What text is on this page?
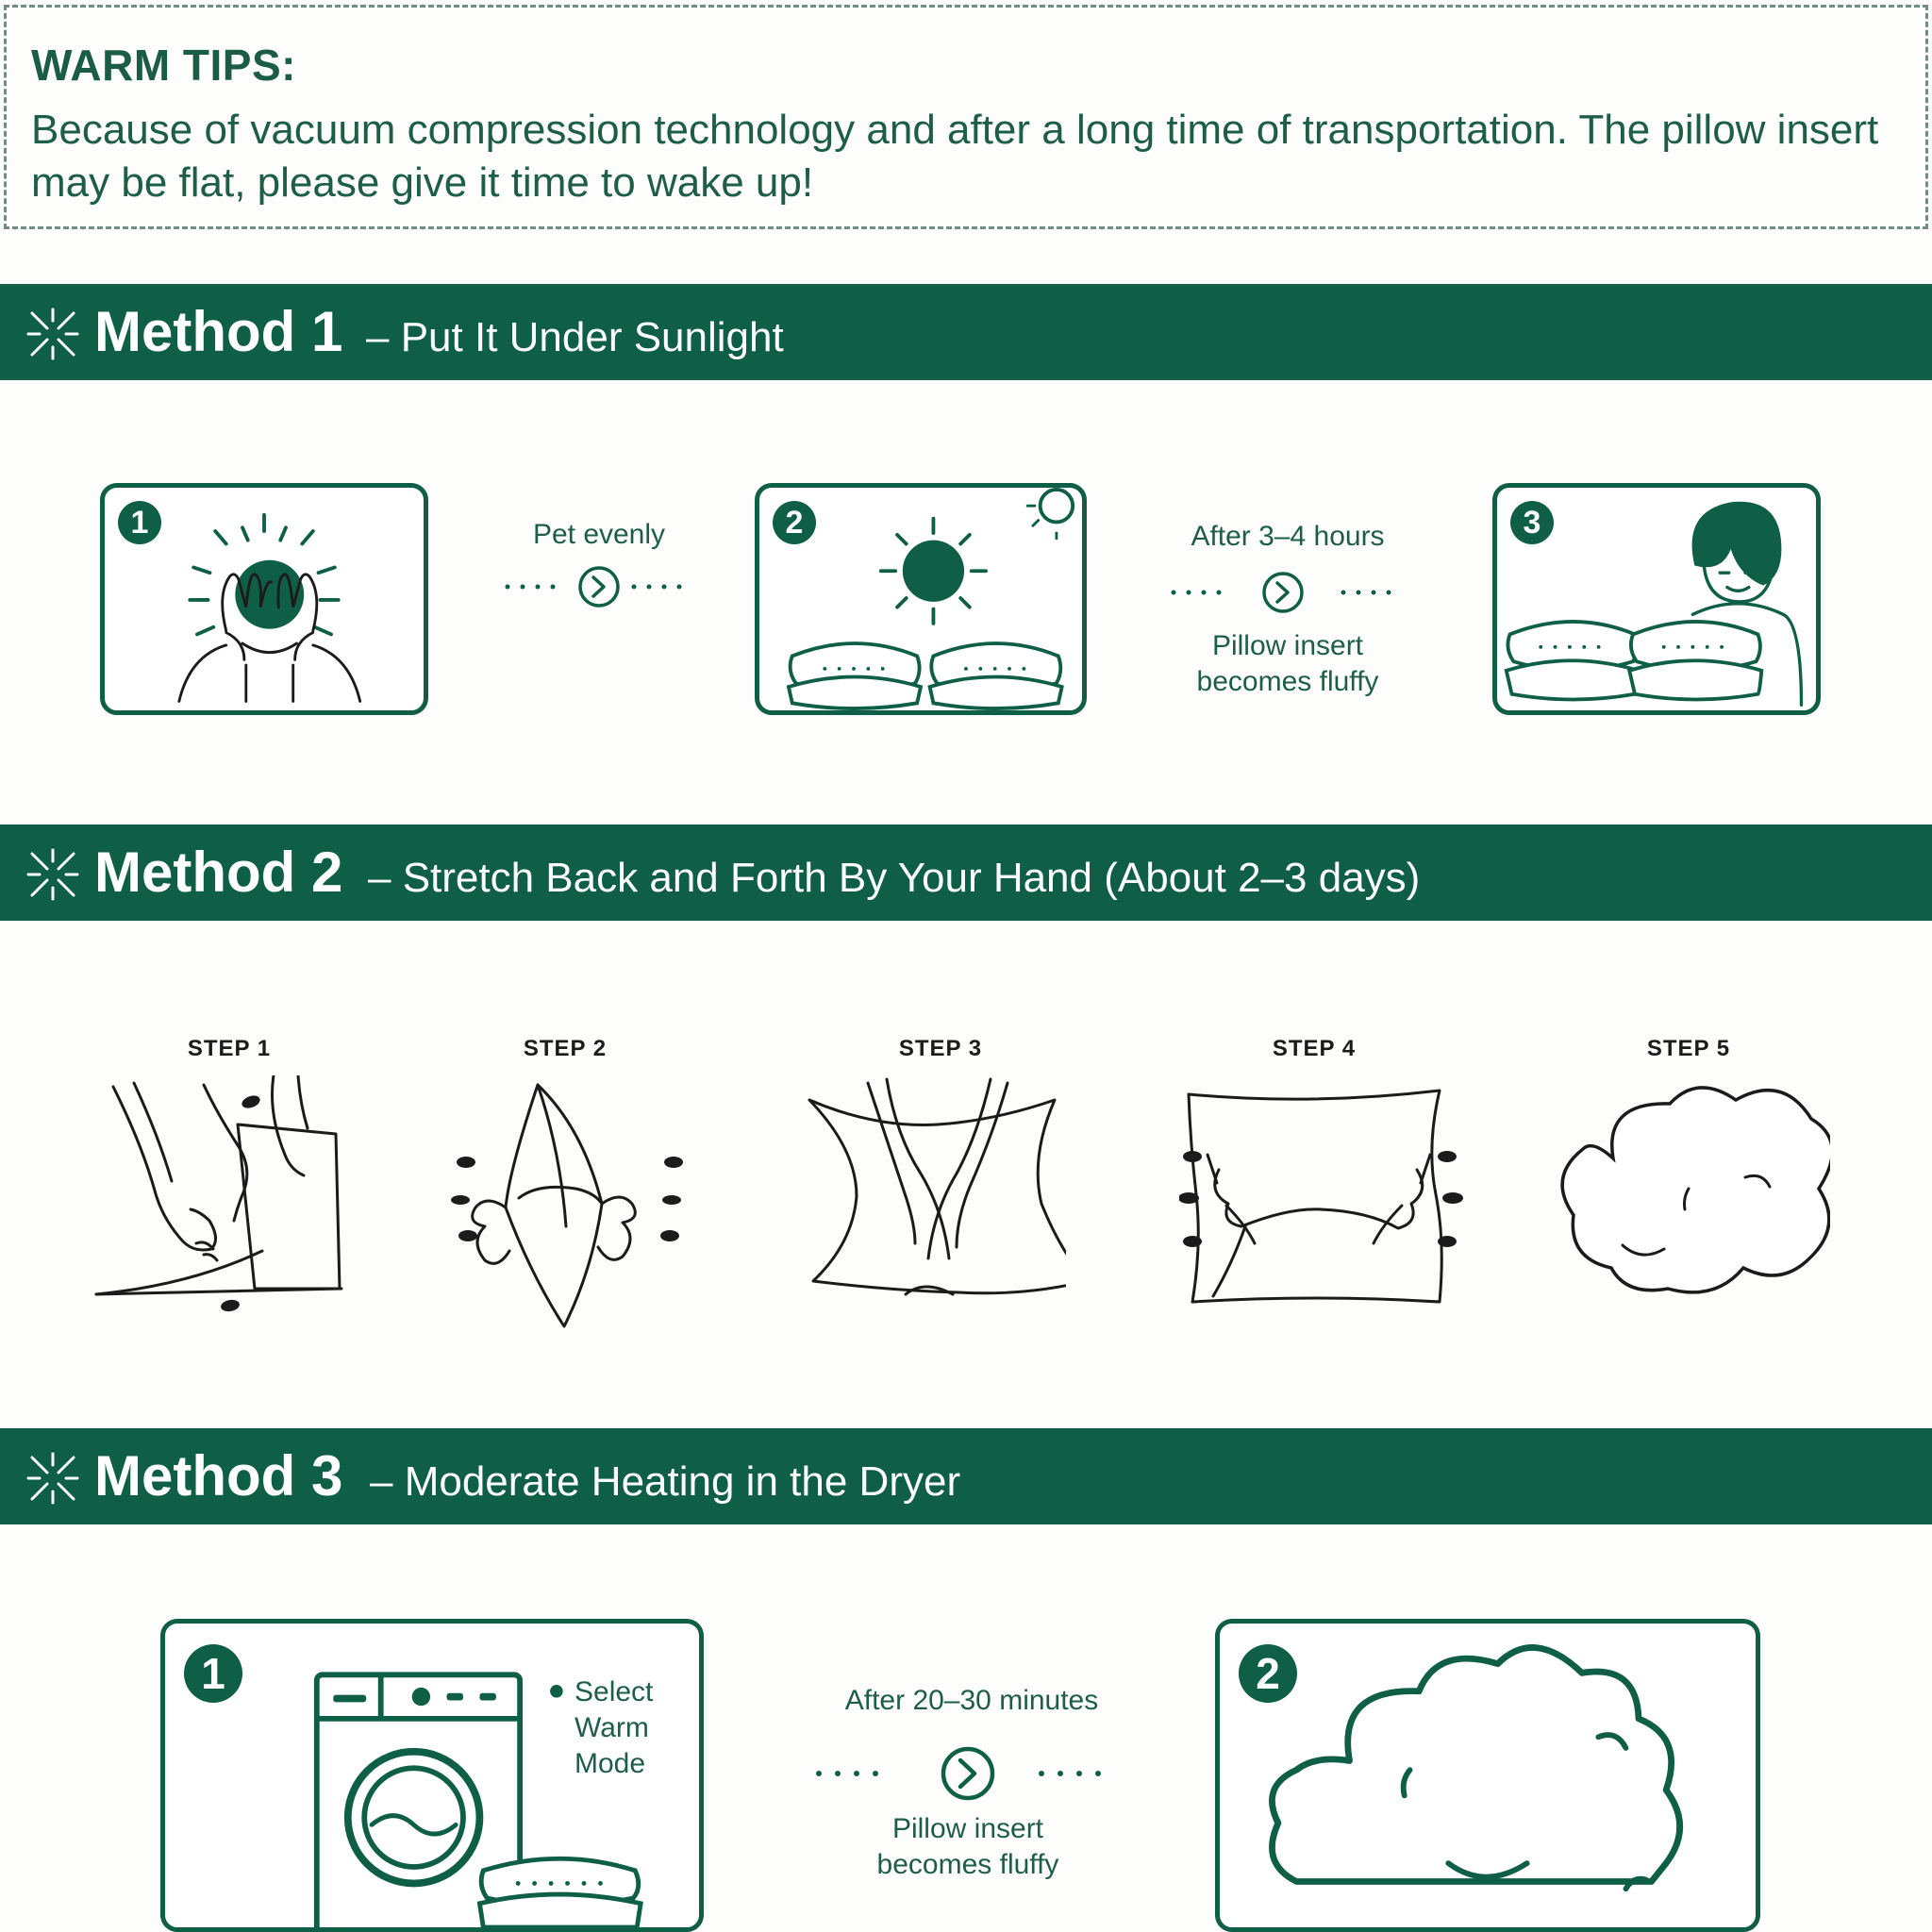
WARM TIPS:
Because of vacuum compression technology and after a long time of transportation. The pillow insert may be flat, please give it time to wake up!
Method 1 – Put It Under Sunlight
1	Pet evenly	2	After 3–4 hours
Pillow insert
becomes fluffy
3
Method 2 – Stretch Back and Forth By Your Hand (About 2–3 days)
STEP 1	STEP 2	STEP 3	STEP 4	STEP 5
Method 3 – Moderate Heating in the Dryer
1	Select
Warm
Mode
After 20–30 minutes
Pillow insert
becomes fluffy
2
